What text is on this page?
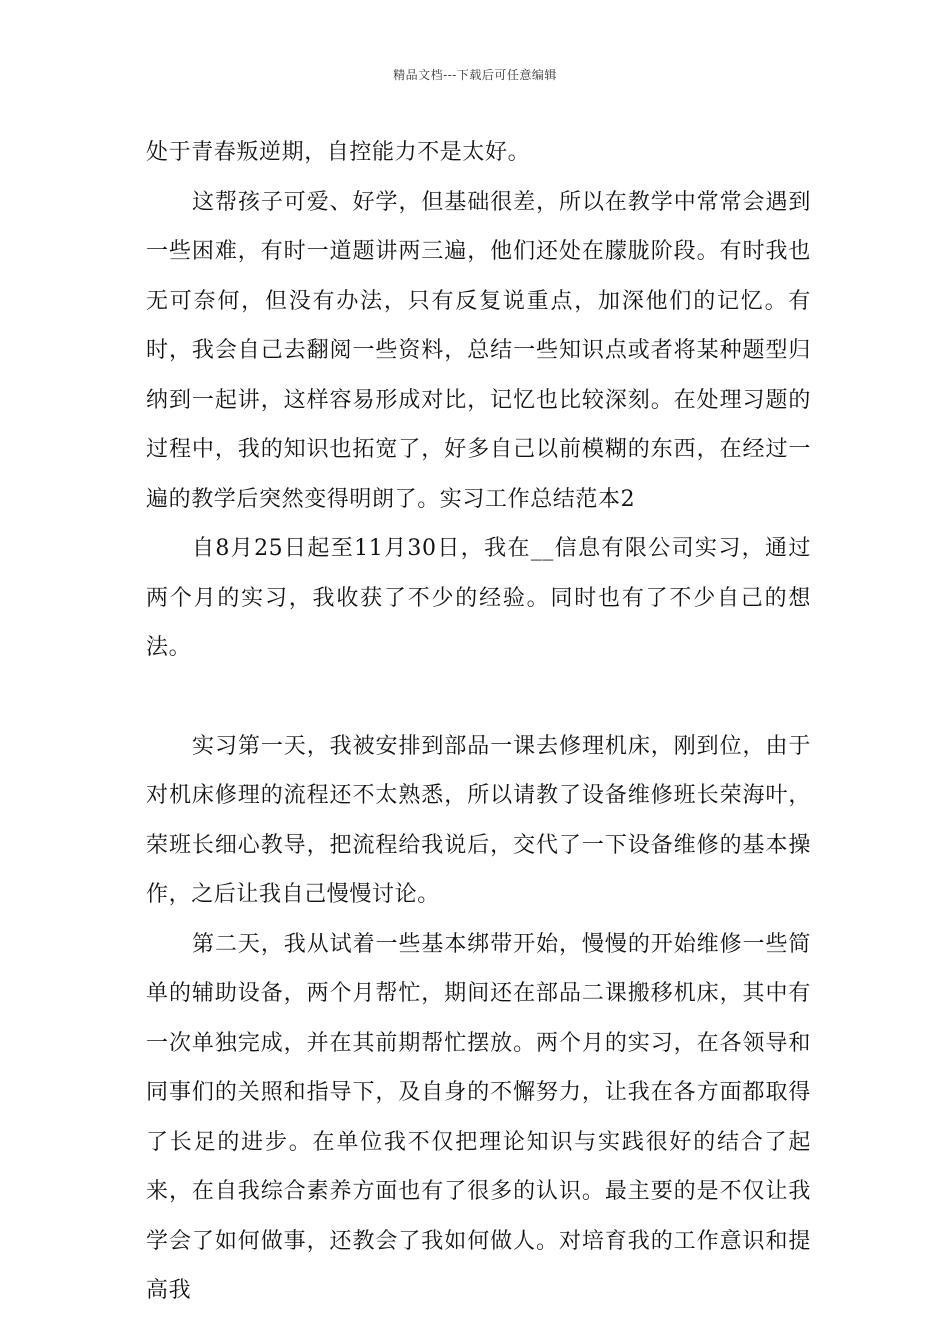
精品文档---下载后可任意编辑

处于青春叛逆期，自控能力不是太好。

这帮孩子可爱、好学，但基础很差，所以在教学中常常会遇到一些困难，有时一道题讲两三遍，他们还处在朦胧阶段。有时我也无可奈何，但没有办法，只有反复说重点，加深他们的记忆。有时，我会自己去翻阅一些资料，总结一些知识点或者将某种题型归纳到一起讲，这样容易形成对比，记忆也比较深刻。在处理习题的过程中，我的知识也拓宽了，好多自己以前模糊的东西，在经过一遍的教学后突然变得明朗了。实习工作总结范本2

自8月25日起至11月30日，我在__信息有限公司实习，通过两个月的实习，我收获了不少的经验。同时也有了不少自己的想法。

实习第一天，我被安排到部品一课去修理机床，刚到位，由于对机床修理的流程还不太熟悉，所以请教了设备维修班长荣海叶，荣班长细心教导，把流程给我说后，交代了一下设备维修的基本操作，之后让我自己慢慢讨论。

第二天，我从试着一些基本绑带开始，慢慢的开始维修一些简单的辅助设备，两个月帮忙，期间还在部品二课搬移机床，其中有一次单独完成，并在其前期帮忙摆放。两个月的实习，在各领导和同事们的关照和指导下，及自身的不懈努力，让我在各方面都取得了长足的进步。在单位我不仅把理论知识与实践很好的结合了起来，在自我综合素养方面也有了很多的认识。最主要的是不仅让我学会了如何做事，还教会了我如何做人。对培育我的工作意识和提高我
